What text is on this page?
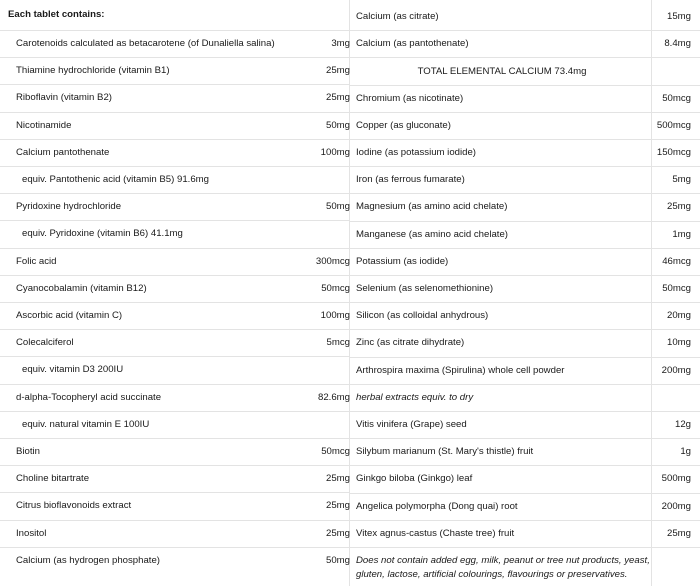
Each tablet contains:
Carotenoids calculated as betacarotene (of Dunaliella salina)	3mg
Thiamine hydrochloride (vitamin B1)	25mg
Riboflavin (vitamin B2)	25mg
Nicotinamide	50mg
Calcium pantothenate	100mg
equiv. Pantothenic acid (vitamin B5) 91.6mg
Pyridoxine hydrochloride	50mg
equiv. Pyridoxine (vitamin B6) 41.1mg
Folic acid	300mcg
Cyanocobalamin (vitamin B12)	50mcg
Ascorbic acid (vitamin C)	100mg
Colecalciferol	5mcg
equiv. vitamin D3 200IU
d-alpha-Tocopheryl acid succinate	82.6mg
equiv. natural vitamin E 100IU
Biotin	50mcg
Choline bitartrate	25mg
Citrus bioflavonoids extract	25mg
Inositol	25mg
Calcium (as hydrogen phosphate)	50mg
Calcium (as citrate)	15mg
Calcium (as pantothenate)	8.4mg
TOTAL ELEMENTAL CALCIUM 73.4mg
Chromium (as nicotinate)	50mcg
Copper (as gluconate)	500mcg
Iodine (as potassium iodide)	150mcg
Iron (as ferrous fumarate)	5mg
Magnesium (as amino acid chelate)	25mg
Manganese (as amino acid chelate)	1mg
Potassium (as iodide)	46mcg
Selenium (as selenomethionine)	50mcg
Silicon (as colloidal anhydrous)	20mg
Zinc (as citrate dihydrate)	10mg
Arthrospira maxima (Spirulina) whole cell powder	200mg
herbal extracts equiv. to dry
Vitis vinifera (Grape) seed	12g
Silybum marianum (St. Mary's thistle) fruit	1g
Ginkgo biloba (Ginkgo) leaf	500mg
Angelica polymorpha (Dong quai) root	200mg
Vitex agnus-castus (Chaste tree) fruit	25mg
Does not contain added egg, milk, peanut or tree nut products, yeast,
gluten, lactose, artificial colourings, flavourings or preservatives.
